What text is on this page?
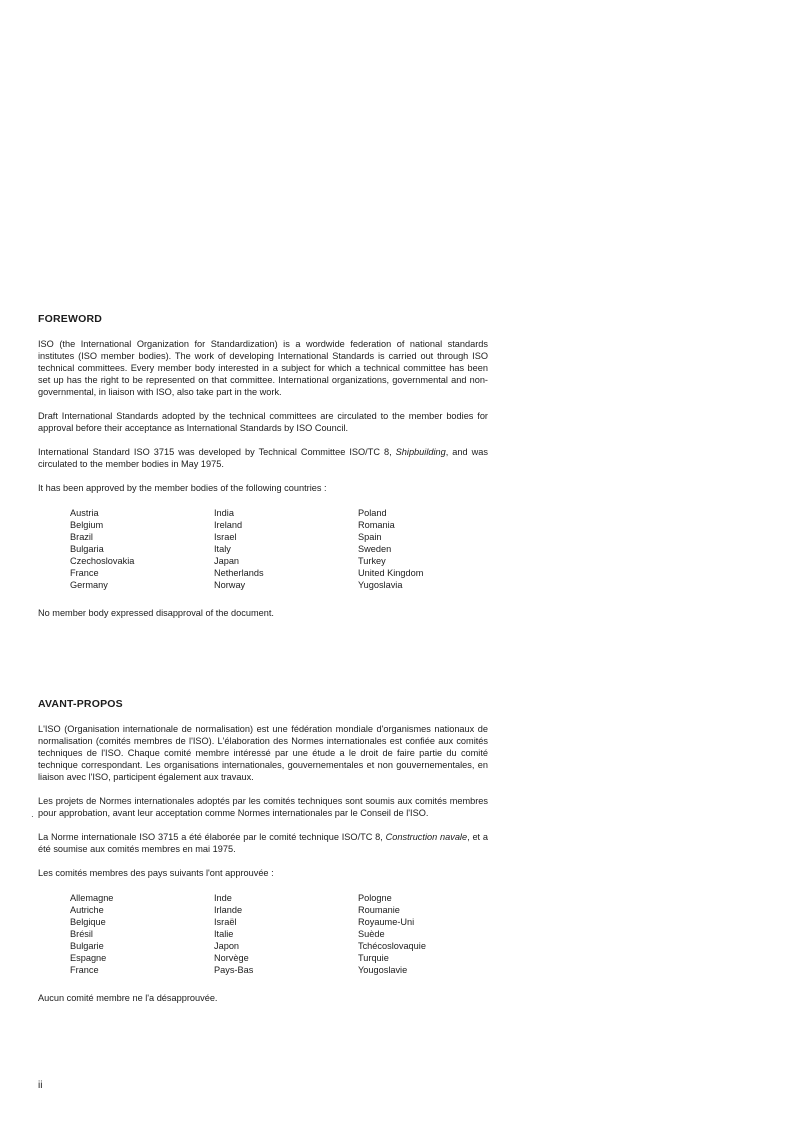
FOREWORD

ISO (the International Organization for Standardization) is a wordwide federation of national standards institutes (ISO member bodies). The work of developing International Standards is carried out through ISO technical committees. Every member body interested in a subject for which a technical committee has been set up has the right to be represented on that committee. International organizations, governmental and non-governmental, in liaison with ISO, also take part in the work.

Draft International Standards adopted by the technical committees are circulated to the member bodies for approval before their acceptance as International Standards by ISO Council.

International Standard ISO 3715 was developed by Technical Committee ISO/TC 8, Shipbuilding, and was circulated to the member bodies in May 1975.

It has been approved by the member bodies of the following countries :

Austria
Belgium
Brazil
Bulgaria
Czechoslovakia
France
Germany
India
Ireland
Israel
Italy
Japan
Netherlands
Norway
Poland
Romania
Spain
Sweden
Turkey
United Kingdom
Yugoslavia

No member body expressed disapproval of the document.

AVANT-PROPOS

L'ISO (Organisation internationale de normalisation) est une fédération mondiale d'organismes nationaux de normalisation (comités membres de l'ISO). L'élaboration des Normes internationales est confiée aux comités techniques de l'ISO. Chaque comité membre intéressé par une étude a le droit de faire partie du comité technique correspondant. Les organisations internationales, gouvernementales et non gouvernementales, en liaison avec l'ISO, participent également aux travaux.

Les projets de Normes internationales adoptés par les comités techniques sont soumis aux comités membres pour approbation, avant leur acceptation comme Normes internationales par le Conseil de l'ISO.

La Norme internationale ISO 3715 a été élaborée par le comité technique ISO/TC 8, Construction navale, et a été soumise aux comités membres en mai 1975.

Les comités membres des pays suivants l'ont approuvée :

Allemagne
Autriche
Belgique
Brésil
Bulgarie
Espagne
France
Inde
Irlande
Israël
Italie
Japon
Norvège
Pays-Bas
Pologne
Roumanie
Royaume-Uni
Suède
Tchécoslovaquie
Turquie
Yougoslavie

Aucun comité membre ne l'a désapprouvée.

·
ii
